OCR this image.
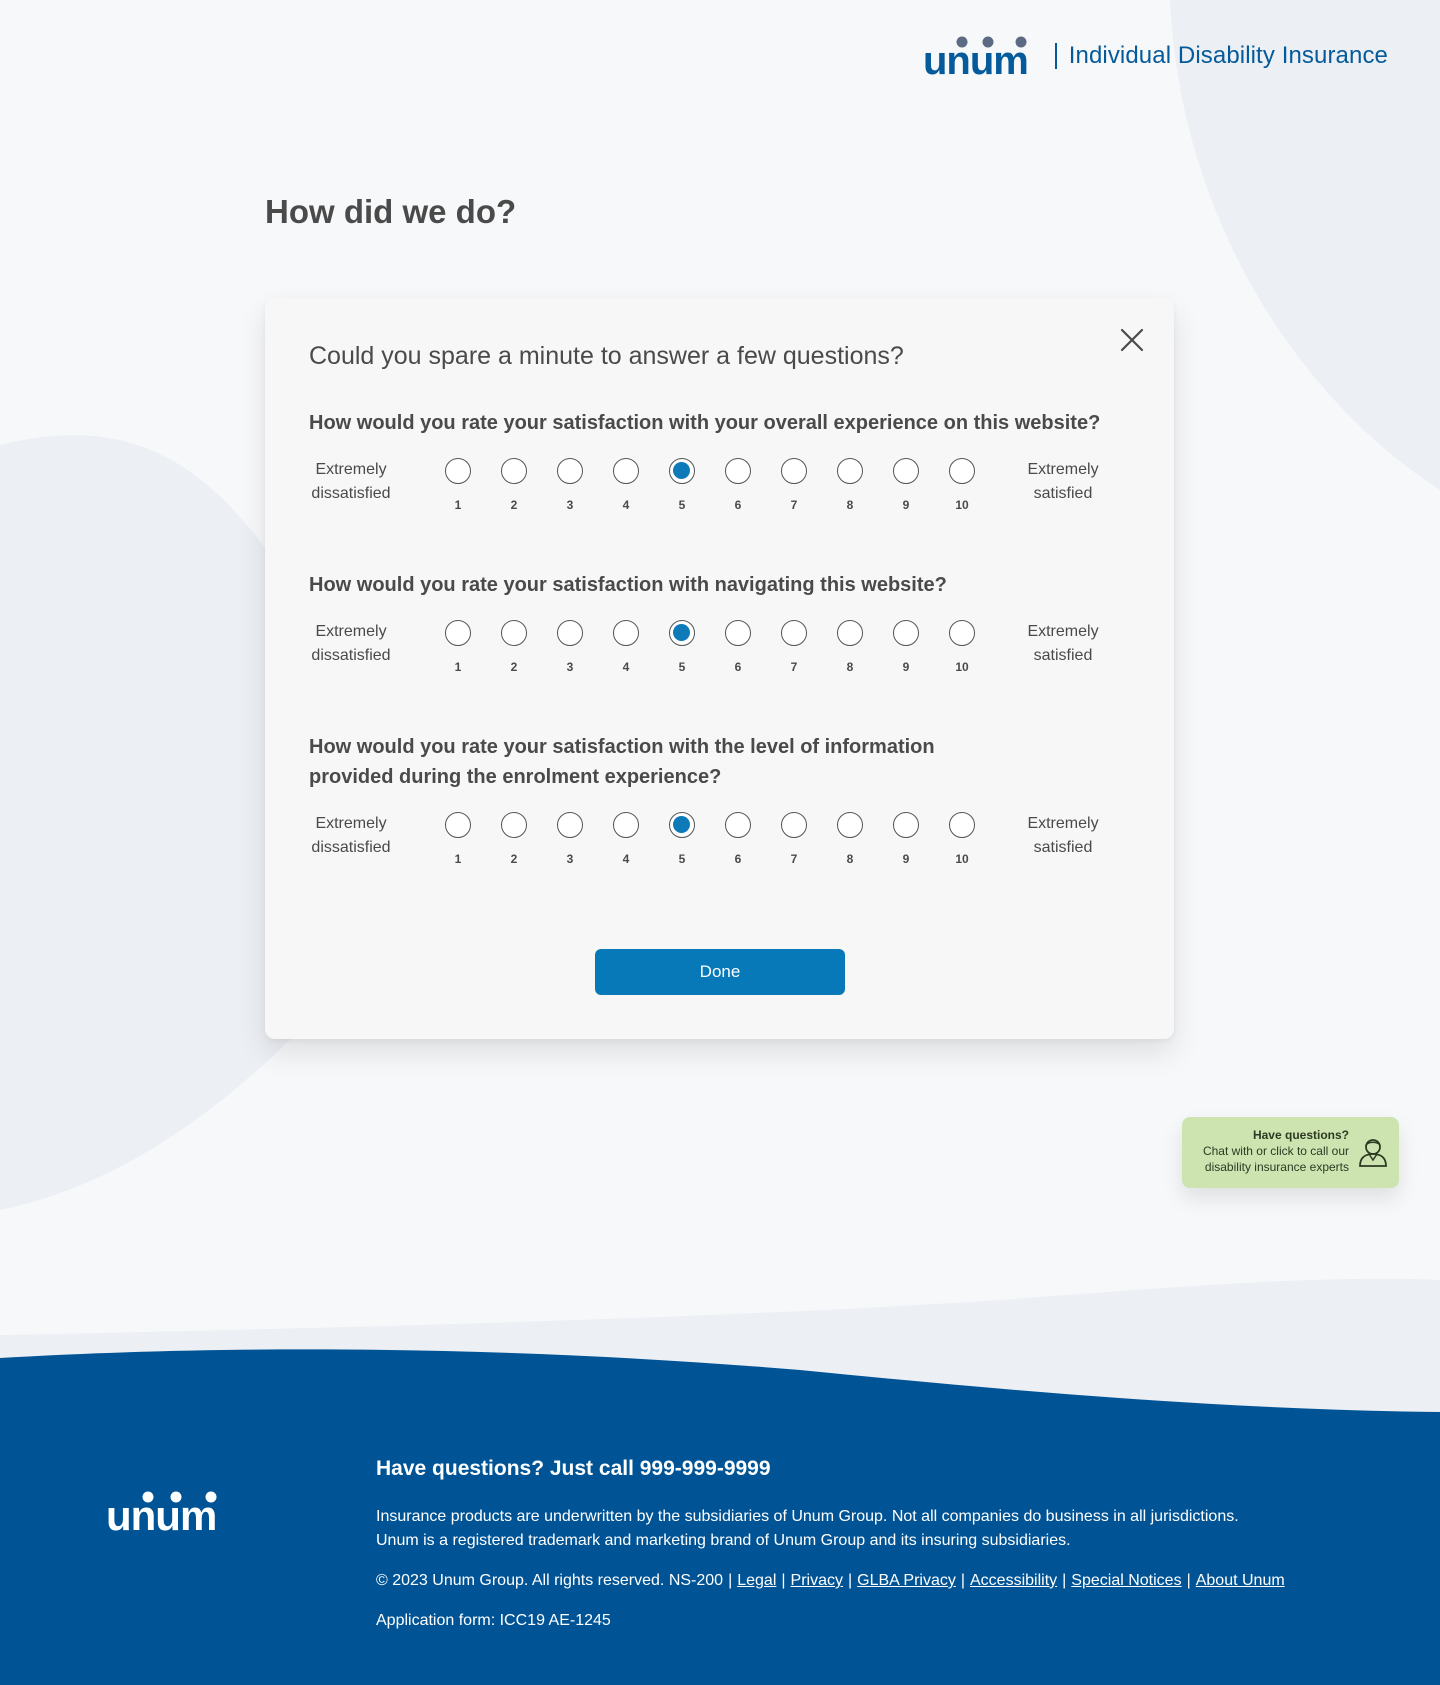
unum Individual Disability Insurance
How did we do?
Could you spare a minute to answer a few questions?
How would you rate your satisfaction with your overall experience on this website?
Extremely
dissatisfied
1	2	3	4	5	6	7	8	9	10
Extremely
satisfied
How would you rate your satisfaction with navigating this website?
Extremely
dissatisfied
1	2	3	4	5	6	7	8	9	10
Extremely
satisfied
How would you rate your satisfaction with the level of information
provided during the enrolment experience?
Extremely
dissatisfied
1	2	3	4	5	6	7	8	9	10
Extremely
satisfied
Done
Have questions?
Chat with or click to call our
disability insurance experts
unum
Have questions? Just call 999-999-9999
Insurance products are underwritten by the subsidiaries of Unum Group. Not all companies do business in all jurisdictions. Unum is a registered trademark and marketing brand of Unum Group and its insuring subsidiaries.
© 2023 Unum Group. All rights reserved. NS-200 | Legal | Privacy | GLBA Privacy | Accessibility | Special Notices | About Unum
Application form: ICC19 AE-1245
